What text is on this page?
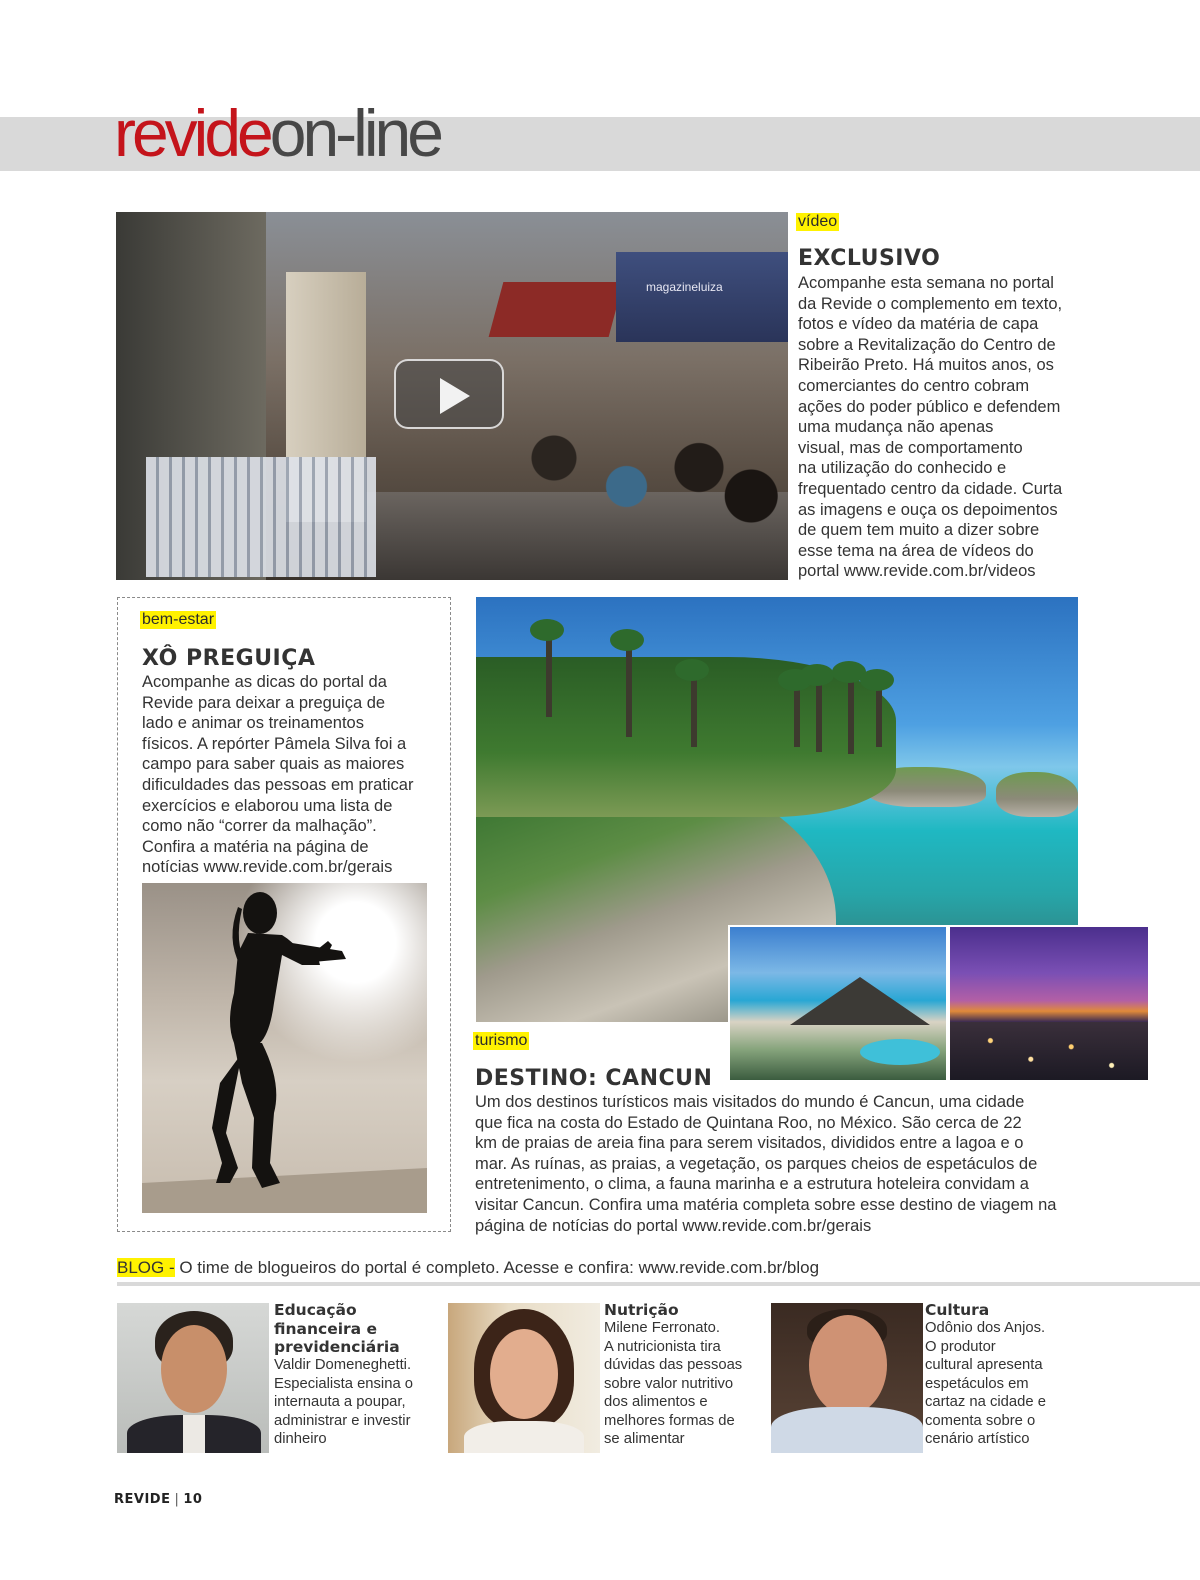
revideon-line
magazineluiza
vídeo
EXCLUSIVO
Acompanhe esta semana no portal
da Revide o complemento em texto,
fotos e vídeo da matéria de capa
sobre a Revitalização do Centro de
Ribeirão Preto. Há muitos anos, os
comerciantes do centro cobram
ações do poder público e defendem
uma mudança não apenas
visual, mas de comportamento
na utilização do conhecido e
frequentado centro da cidade. Curta
as imagens e ouça os depoimentos
de quem tem muito a dizer sobre
esse tema na área de vídeos do
portal www.revide.com.br/videos
bem-estar
XÔ PREGUIÇA
Acompanhe as dicas do portal da
Revide para deixar a preguiça de
lado e animar os treinamentos
físicos. A repórter Pâmela Silva foi a
campo para saber quais as maiores
dificuldades das pessoas em praticar
exercícios e elaborou uma lista de
como não “correr da malhação”.
Confira a matéria na página de
notícias www.revide.com.br/gerais
turismo
DESTINO: CANCUN
Um dos destinos turísticos mais visitados do mundo é Cancun, uma cidade
que fica na costa do Estado de Quintana Roo, no México. São cerca de 22
km de praias de areia fina para serem visitados, divididos entre a lagoa e o
mar. As ruínas, as praias, a vegetação, os parques cheios de espetáculos de
entretenimento, o clima, a fauna marinha e a estrutura hoteleira convidam a
visitar Cancun. Confira uma matéria completa sobre esse destino de viagem na
página de notícias do portal www.revide.com.br/gerais
BLOG - O time de blogueiros do portal é completo. Acesse e confira: www.revide.com.br/blog
Educação
financeira e
previdenciária
Valdir Domeneghetti.
Especialista ensina o
internauta a poupar,
administrar e investir
dinheiro
Nutrição
Milene Ferronato.
A nutricionista tira
dúvidas das pessoas
sobre valor nutritivo
dos alimentos e
melhores formas de
se alimentar
Cultura
Odônio dos Anjos.
O produtor
cultural apresenta
espetáculos em
cartaz na cidade e
comenta sobre o
cenário artístico
REVIDE | 10
